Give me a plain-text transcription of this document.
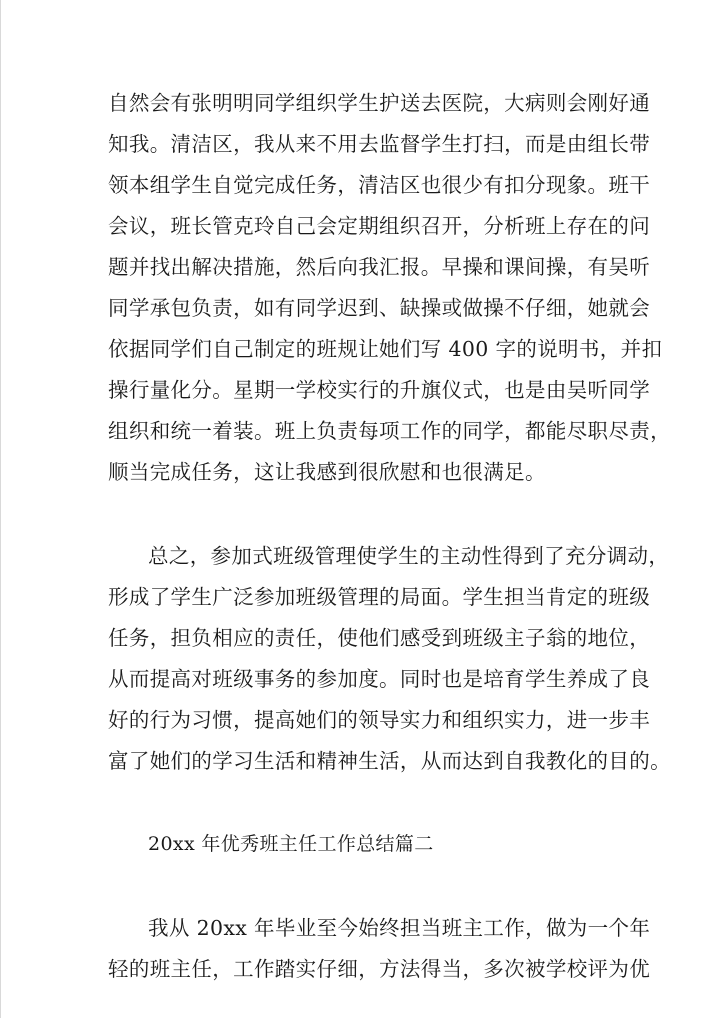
自然会有张明明同学组织学生护送去医院，大病则会刚好通
知我。清洁区，我从来不用去监督学生打扫，而是由组长带
领本组学生自觉完成任务，清洁区也很少有扣分现象。班干
会议，班长管克玲自己会定期组织召开，分析班上存在的问
题并找出解决措施，然后向我汇报。早操和课间操，有吴听
同学承包负责，如有同学迟到、缺操或做操不仔细，她就会
依据同学们自己制定的班规让她们写 400 字的说明书，并扣
操行量化分。星期一学校实行的升旗仪式，也是由吴听同学
组织和统一着装。班上负责每项工作的同学，都能尽职尽责，
顺当完成任务，这让我感到很欣慰和也很满足。
总之，参加式班级管理使学生的主动性得到了充分调动，
形成了学生广泛参加班级管理的局面。学生担当肯定的班级
任务，担负相应的责任，使他们感受到班级主子翁的地位，
从而提高对班级事务的参加度。同时也是培育学生养成了良
好的行为习惯，提高她们的领导实力和组织实力，进一步丰
富了她们的学习生活和精神生活，从而达到自我教化的目的。
20xx 年优秀班主任工作总结篇二
我从 20xx 年毕业至今始终担当班主工作，做为一个年
轻的班主任，工作踏实仔细，方法得当，多次被学校评为优
